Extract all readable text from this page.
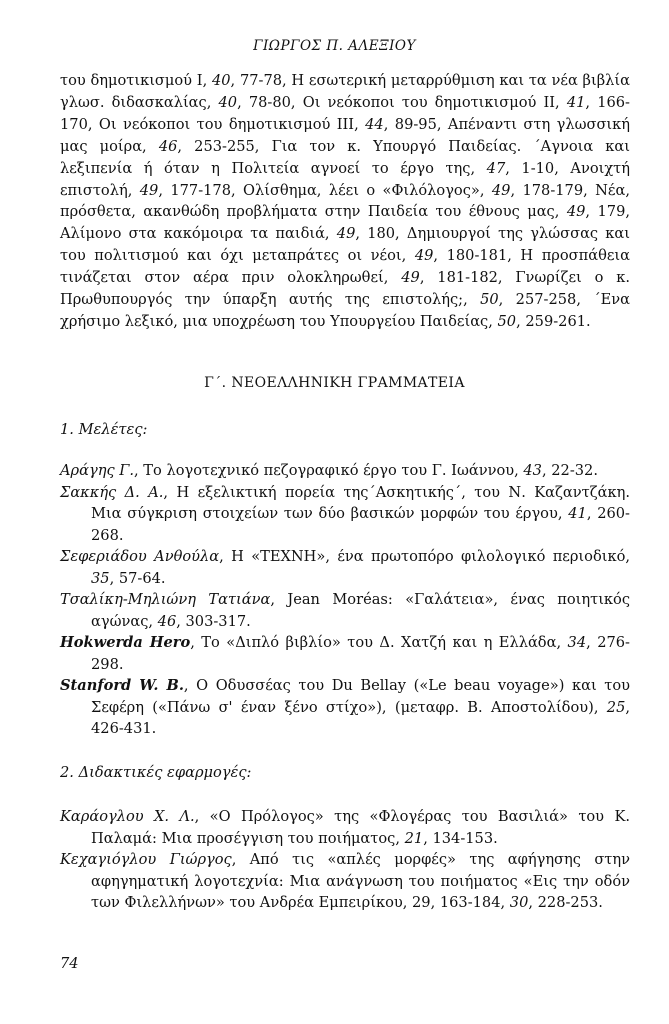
ΓΙΩΡΓΟΣ Π. ΑΛΕΞΙΟΥ
του δημοτικισμού Ι, 40, 77-78, Η εσωτερική μεταρρύθμιση και τα νέα βιβλία γλωσ. διδασκαλίας, 40, 78-80, Οι νεόκοποι του δημοτικισμού ΙΙ, 41, 166-170, Οι νεόκοποι του δημοτικισμού ΙΙΙ, 44, 89-95, Απέναντι στη γλωσσική μας μοίρα, 46, 253-255, Για τον κ. Υπουργό Παιδείας. ΄Αγνοια και λεξιπενία ή όταν η Πολιτεία αγνοεί το έργο της, 47, 1-10, Ανοιχτή επιστολή, 49, 177-178, Ολίσθημα, λέει ο «Φιλόλογος», 49, 178-179, Νέα, πρόσθετα, ακανθώδη προβλήματα στην Παιδεία του έθνους μας, 49, 179, Αλίμονο στα κακόμοιρα τα παιδιά, 49, 180, Δημιουργοί της γλώσσας και του πολιτισμού και όχι μεταπράτες οι νέοι, 49, 180-181, Η προσπάθεια τινάζεται στον αέρα πριν ολοκληρωθεί, 49, 181-182, Γνωρίζει ο κ. Πρωθυπουργός την ύπαρξη αυτής της επιστολής;, 50, 257-258, ΄Ενα χρήσιμο λεξικό, μια υποχρέωση του Υπουργείου Παιδείας, 50, 259-261.
Γ΄. ΝΕΟΕΛΛΗΝΙΚΗ ΓΡΑΜΜΑΤΕΙΑ
1. Μελέτες:

Αράγης Γ., Το λογοτεχνικό πεζογραφικό έργο του Γ. Ιωάννου, 43, 22-32.

Σακκής Δ. Α., Η εξελικτική πορεία της΄Ασκητικής΄, του Ν. Καζαντζάκη. Μια σύγκριση στοιχείων των δύο βασικών μορφών του έργου, 41, 260-268.

Σεφεριάδου Ανθούλα, Η «ΤΕΧΝΗ», ένα πρωτοπόρο φιλολογικό περιοδικό, 35, 57-64.

Τσαλίκη-Μηλιώνη Τατιάνα, Jean Moréas: «Γαλάτεια», ένας ποιητικός αγώνας, 46, 303-317.

Hokwerda Hero, Το «Διπλό βιβλίο» του Δ. Χατζή και η Ελλάδα, 34, 276-298.

Stanford W. B., Ο Οδυσσέας του Du Bellay («Le beau voyage») και του Σεφέρη («Πάνω σ' έναν ξένο στίχο»), (μεταφρ. Β. Αποστολίδου), 25, 426-431.

2. Διδακτικές εφαρμογές:

Καράογλου Χ. Λ., «Ο Πρόλογος» της «Φλογέρας του Βασιλιά» του Κ. Παλαμά: Μια προσέγγιση του ποιήματος, 21, 134-153.

Κεχαγιόγλου Γιώργος, Από τις «απλές μορφές» της αφήγησης στην αφηγηματική λογοτεχνία: Μια ανάγνωση του ποιήματος «Εις την οδόν των Φιλελλήνων» του Ανδρέα Εμπειρίκου, 29, 163-184, 30, 228-253.

74
